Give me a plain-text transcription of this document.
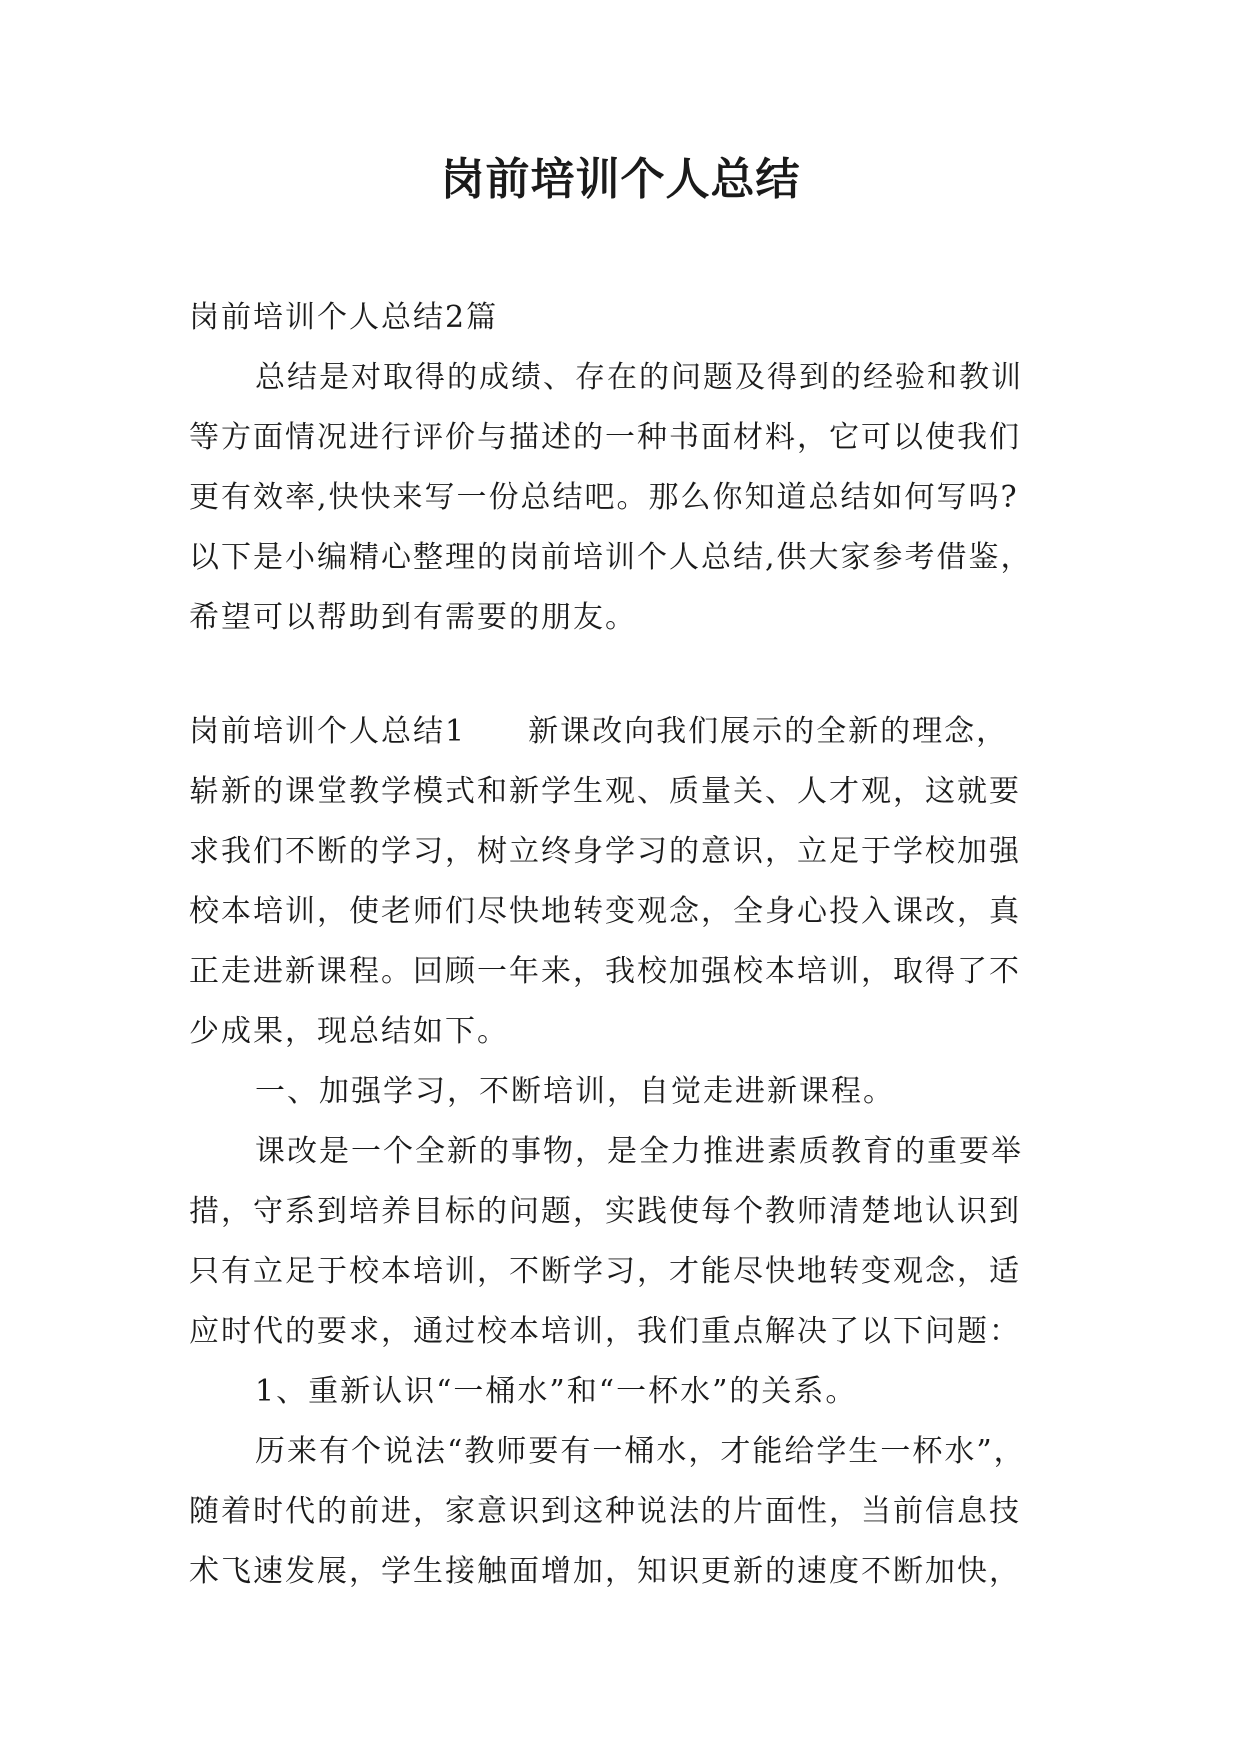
岗前培训个人总结
岗前培训个人总结2篇
总结是对取得的成绩、存在的问题及得到的经验和教训
等方面情况进行评价与描述的一种书面材料，它可以使我们
更有效率,快快来写一份总结吧。那么你知道总结如何写吗?
以下是小编精心整理的岗前培训个人总结,供大家参考借鉴，
希望可以帮助到有需要的朋友。
岗前培训个人总结1 新课改向我们展示的全新的理念，
崭新的课堂教学模式和新学生观、质量关、人才观，这就要
求我们不断的学习，树立终身学习的意识，立足于学校加强
校本培训，使老师们尽快地转变观念，全身心投入课改，真
正走进新课程。回顾一年来，我校加强校本培训，取得了不
少成果，现总结如下。
一、加强学习，不断培训，自觉走进新课程。
课改是一个全新的事物，是全力推进素质教育的重要举
措，守系到培养目标的问题，实践使每个教师清楚地认识到
只有立足于校本培训，不断学习，才能尽快地转变观念，适
应时代的要求，通过校本培训，我们重点解决了以下问题：
1、重新认识“一桶水”和“一杯水”的关系。
历来有个说法“教师要有一桶水，才能给学生一杯水”，
随着时代的前进，家意识到这种说法的片面性，当前信息技
术飞速发展，学生接触面增加，知识更新的速度不断加快，
